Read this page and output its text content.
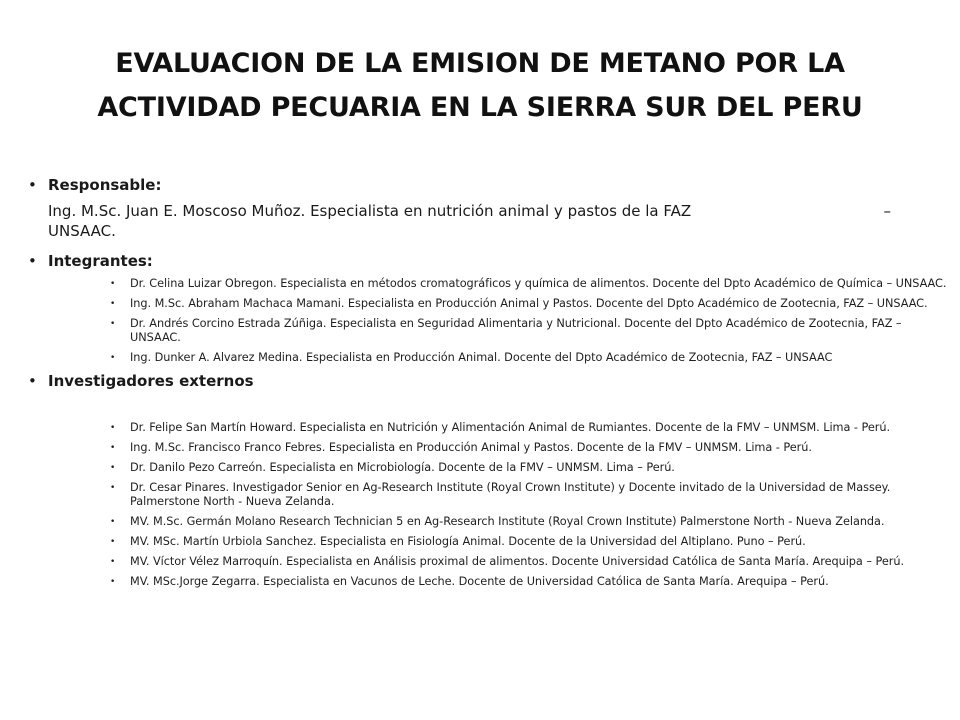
EVALUACION DE LA EMISION DE METANO POR LA
ACTIVIDAD PECUARIA EN LA SIERRA SUR DEL PERU
• Responsable:
Ing. M.Sc. Juan E. Moscoso Muñoz. Especialista en nutrición animal y pastos de la FAZ	–
UNSAAC.
• Integrantes:
• Dr. Celina Luizar Obregon. Especialista en métodos cromatográficos y química de alimentos. Docente del Dpto Académico de Química – UNSAAC.
• Ing. M.Sc. Abraham Machaca Mamani. Especialista en Producción Animal y Pastos. Docente del Dpto Académico de Zootecnia, FAZ – UNSAAC.
• Dr. Andrés Corcino Estrada Zúñiga. Especialista en Seguridad Alimentaria y Nutricional. Docente del Dpto Académico de Zootecnia, FAZ – UNSAAC.
• Ing. Dunker A. Alvarez Medina. Especialista en Producción Animal. Docente del Dpto Académico de Zootecnia, FAZ – UNSAAC
• Investigadores externos
• Dr. Felipe San Martín Howard. Especialista en Nutrición y Alimentación Animal de Rumiantes. Docente de la FMV – UNMSM. Lima - Perú.
• Ing. M.Sc. Francisco Franco Febres. Especialista en Producción Animal y Pastos. Docente de la FMV – UNMSM. Lima - Perú.
• Dr. Danilo Pezo Carreón. Especialista en Microbiología. Docente de la FMV – UNMSM. Lima – Perú.
• Dr. Cesar Pinares. Investigador Senior en Ag-Research Institute (Royal Crown Institute) y Docente invitado de la Universidad de Massey. Palmerstone North - Nueva Zelanda.
• MV. M.Sc. Germán Molano Research Technician 5 en Ag-Research Institute (Royal Crown Institute) Palmerstone North - Nueva Zelanda.
• MV. MSc. Martín Urbiola Sanchez. Especialista en Fisiología Animal. Docente de la Universidad del Altiplano. Puno – Perú.
• MV. Víctor Vélez Marroquín. Especialista en Análisis proximal de alimentos. Docente Universidad Católica de Santa María. Arequipa – Perú.
• MV. MSc.Jorge Zegarra. Especialista en Vacunos de Leche. Docente de Universidad Católica de Santa María. Arequipa – Perú.
